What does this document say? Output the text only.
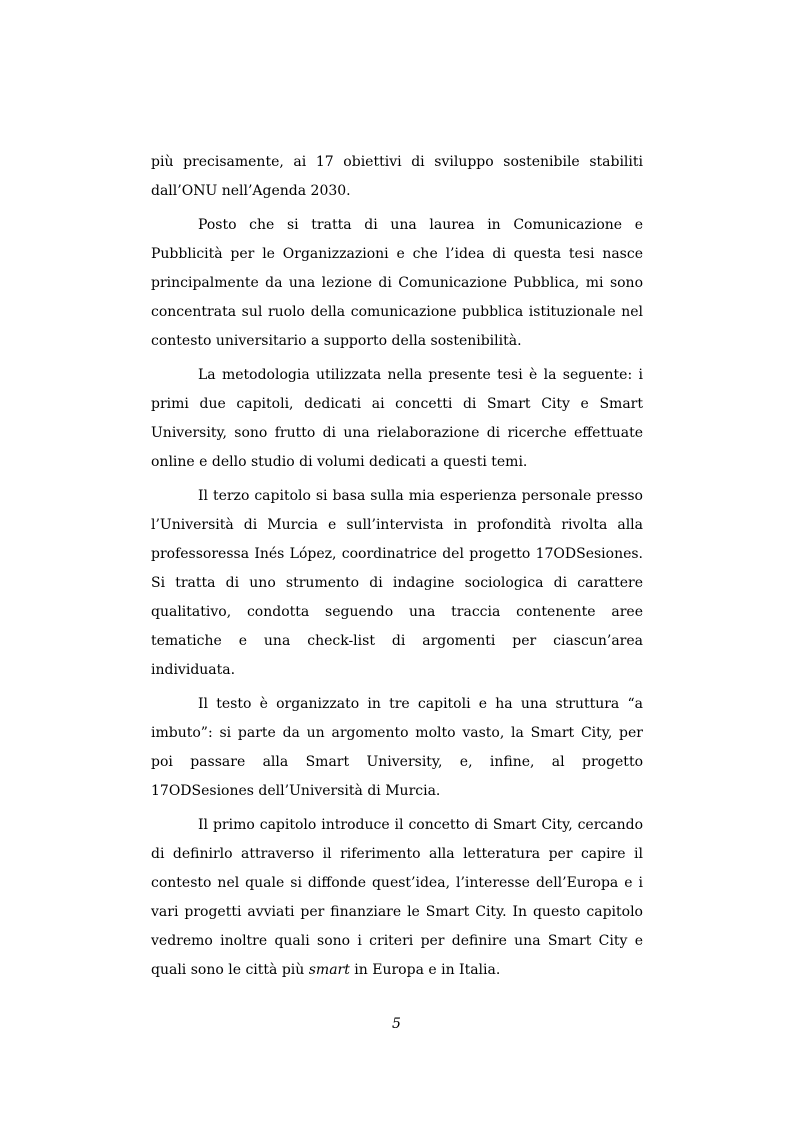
più precisamente, ai 17 obiettivi di sviluppo sostenibile stabiliti dall’ONU nell’Agenda 2030.

Posto che si tratta di una laurea in Comunicazione e Pubblicità per le Organizzazioni e che l’idea di questa tesi nasce principalmente da una lezione di Comunicazione Pubblica, mi sono concentrata sul ruolo della comunicazione pubblica istituzionale nel contesto universitario a supporto della sostenibilità.

La metodologia utilizzata nella presente tesi è la seguente: i primi due capitoli, dedicati ai concetti di Smart City e Smart University, sono frutto di una rielaborazione di ricerche effettuate online e dello studio di volumi dedicati a questi temi.

Il terzo capitolo si basa sulla mia esperienza personale presso l’Università di Murcia e sull’intervista in profondità rivolta alla professoressa Inés López, coordinatrice del progetto 17ODSesiones. Si tratta di uno strumento di indagine sociologica di carattere qualitativo, condotta seguendo una traccia contenente aree tematiche e una check-list di argomenti per ciascun’area individuata.

Il testo è organizzato in tre capitoli e ha una struttura “a imbuto”: si parte da un argomento molto vasto, la Smart City, per poi passare alla Smart University, e, infine, al progetto 17ODSesiones dell’Università di Murcia.

Il primo capitolo introduce il concetto di Smart City, cercando di definirlo attraverso il riferimento alla letteratura per capire il contesto nel quale si diffonde quest’idea, l’interesse dell’Europa e i vari progetti avviati per finanziare le Smart City. In questo capitolo vedremo inoltre quali sono i criteri per definire una Smart City e quali sono le città più smart in Europa e in Italia.

5
